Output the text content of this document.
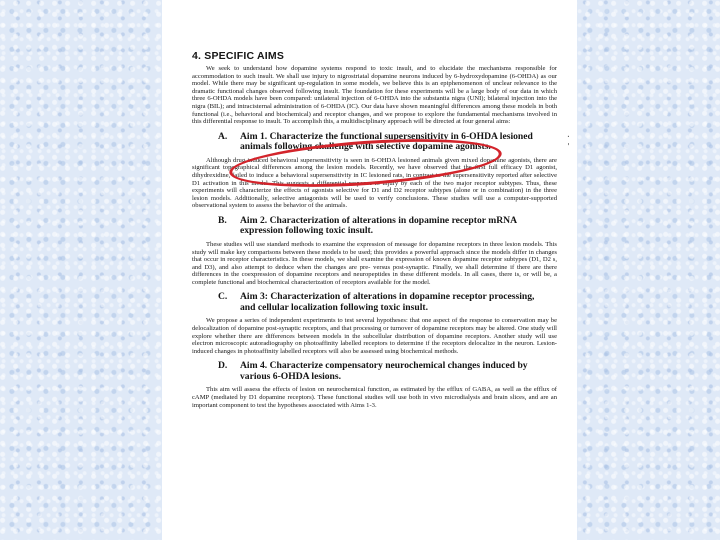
4. SPECIFIC AIMS

We seek to understand how dopamine systems respond to toxic insult, and to elucidate the mechanisms responsible for accommodation to such insult. We shall use injury to nigrostriatal dopamine neurons induced by 6-hydroxydopamine (6-OHDA) as our model. While there may be significant up-regulation in some models, we believe this is an epiphenomenon of unclear relevance to the dramatic functional changes observed following insult. The foundation for these experiments will be a large body of our data in which three 6-OHDA models have been compared: unilateral injection of 6-OHDA into the substantia nigra (UNI); bilateral injection into the nigra (BIL); and intracisternal administration of 6-OHDA (IC). Our data have shown meaningful differences among these models in both functional (i.e., behavioral and biochemical) and receptor changes, and we propose to explore the fundamental mechanisms involved in this differential response to insult. To accomplish this, a multidisciplinary approach will be directed at four general aims:

A. Aim 1. Characterize the functional supersensitivity in 6-OHDA lesioned animals following challenge with selective dopamine agonists.

Although drug-induced behavioral supersensitivity is seen in 6-OHDA lesioned animals given mixed dopamine agonists, there are significant topographical differences among the lesion models. Recently, we have observed that the first full efficacy D1 agonist, dihydrexidine, failed to induce a behavioral supersensitivity in IC lesioned rats, in contrast to the supersensitivity reported after selective D1 activation in this model. This suggests a differential response to injury by each of the two major receptor subtypes. Thus, these experiments will characterize the effects of agonists selective for D1 and D2 receptor subtypes (alone or in combination) in the three lesion models. Additionally, selective antagonists will be used to verify conclusions. These studies will use a computer-supported observational system to assess the behavior of the animals.

B. Aim 2. Characterization of alterations in dopamine receptor mRNA expression following toxic insult.

These studies will use standard methods to examine the expression of message for dopamine receptors in three lesion models. This study will make key comparisons between these models to be used; this provides a powerful approach since the models differ in changes that occur in receptor characteristics. In these models, we shall examine the expression of known dopamine receptor subtypes (D1, D2 s, and D3), and also attempt to deduce when the changes are pre- versus post-synaptic. Finally, we shall determine if there are there differences in the coexpression of dopamine receptors and neuropeptides in these different models. In all cases, there is, or will be, a complete functional and biochemical characterization of receptors available for the model.

C. Aim 3: Characterization of alterations in dopamine receptor processing, and cellular localization following toxic insult.

We propose a series of independent experiments to test several hypotheses: that one aspect of the response to conservation may be delocalization of dopamine post-synaptic receptors, and that processing or turnover of dopamine receptors may be altered. One study will explore whether there are differences between models in the subcellular distribution of dopamine receptors. Another study will use electron microscopic autoradiography on photoaffinity labelled receptors to determine if the receptors delocalize in the neuron. Lesion-induced changes in photoaffinity labelled receptors will also be assessed using biochemical methods.

D. Aim 4. Characterize compensatory neurochemical changes induced by various 6-OHDA lesions.

This aim will assess the effects of lesion on neurochemical function, as estimated by the efflux of GABA, as well as the efflux of cAMP (mediated by D1 dopamine receptors). These functional studies will use both in vivo microdialysis and brain slices, and are an important component to test the hypotheses associated with Aims 1-3.

·
'
